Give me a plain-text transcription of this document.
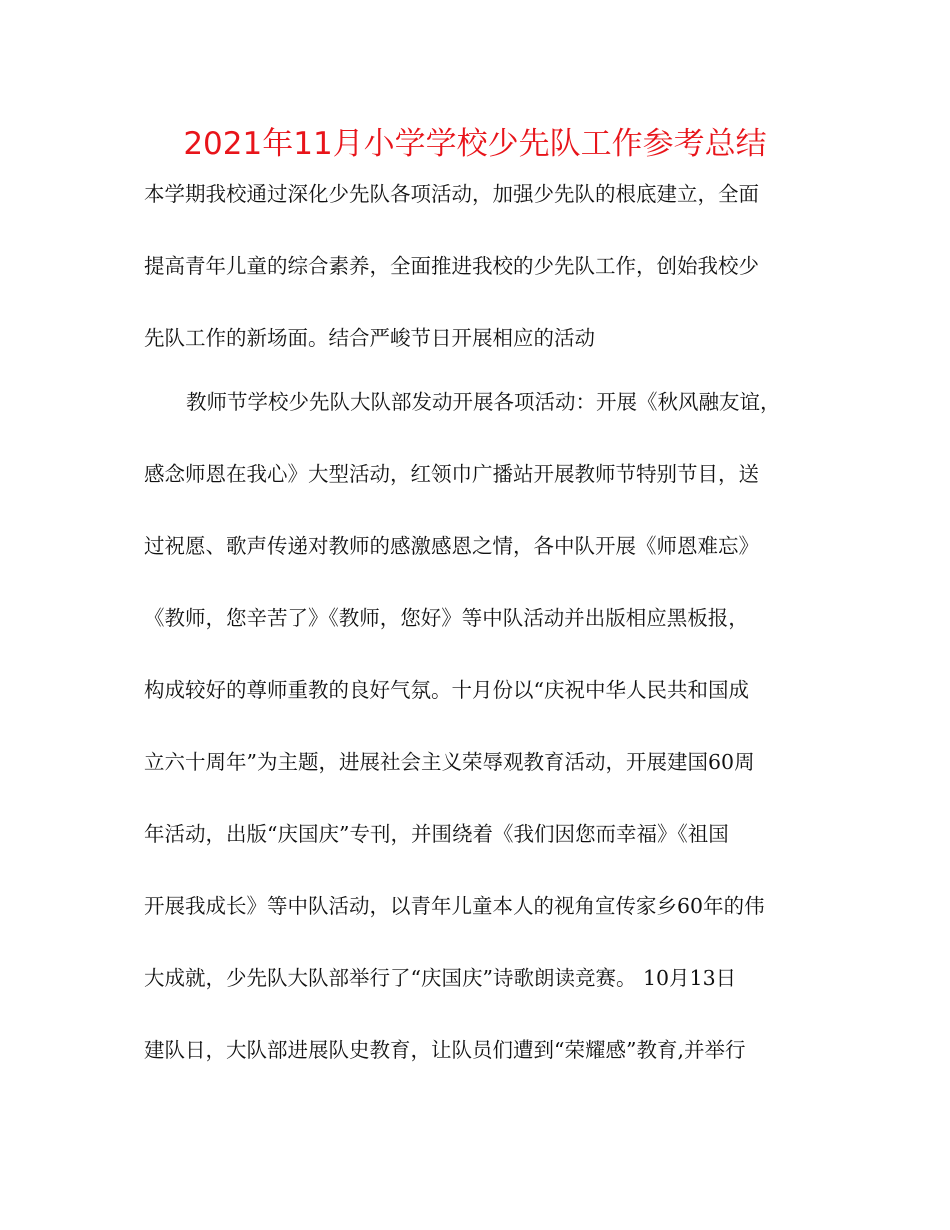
2021年11月小学学校少先队工作参考总结
本学期我校通过深化少先队各项活动，加强少先队的根底建立，全面
提高青年儿童的综合素养，全面推进我校的少先队工作，创始我校少
先队工作的新场面。结合严峻节日开展相应的活动
教师节学校少先队大队部发动开展各项活动：开展《秋风融友谊，
感念师恩在我心》大型活动，红领巾广播站开展教师节特别节目，送
过祝愿、歌声传递对教师的感激感恩之情，各中队开展《师恩难忘》
《教师，您辛苦了》《教师，您好》等中队活动并出版相应黑板报，
构成较好的尊师重教的良好气氛。十月份以“庆祝中华人民共和国成
立六十周年”为主题，进展社会主义荣辱观教育活动，开展建国60周
年活动，出版“庆国庆”专刊，并围绕着《我们因您而幸福》《祖国
开展我成长》等中队活动，以青年儿童本人的视角宣传家乡60年的伟
大成就，少先队大队部举行了“庆国庆”诗歌朗读竞赛。 10月13日
建队日，大队部进展队史教育，让队员们遭到“荣耀感”教育,并举行
